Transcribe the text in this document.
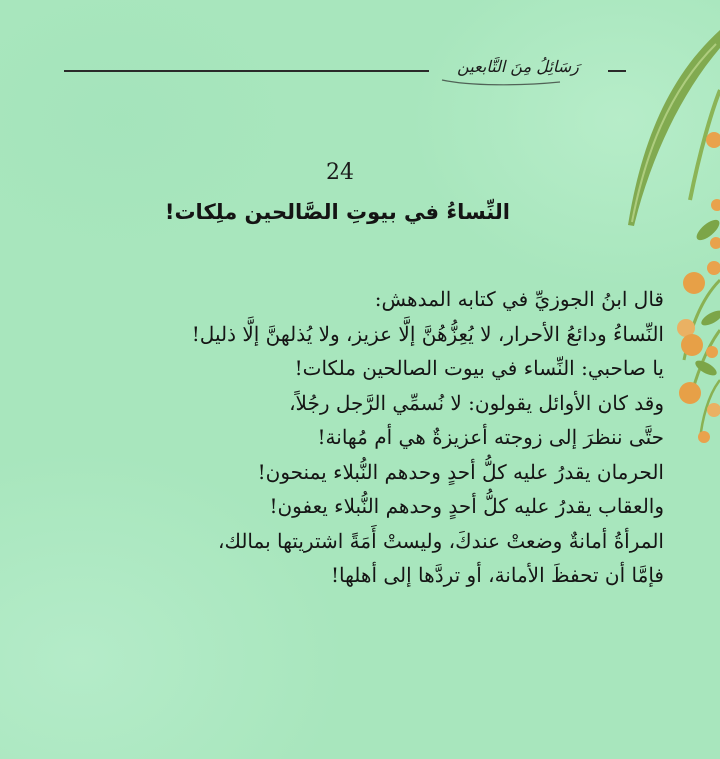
رَسَائِلُ مِنَ التَّابعين
24
النِّساءُ في بيوتِ الصَّالحين ملِكات!

قال ابنُ الجوزيِّ في كتابه المدهش:

النِّساءُ ودائعُ الأحرار، لا يُعِزُّهُنَّ إلَّا عزيز، ولا يُذلهنَّ إلَّا ذليل!

يا صاحبي: النِّساء في بيوت الصالحين ملكات!

وقد كان الأوائل يقولون: لا نُسمِّي الرَّجل رجُلاً،

حتَّى ننظرَ إلى زوجته أعزيزةٌ هي أم مُهانة!

الحرمان يقدرُ عليه كلُّ أحدٍ وحدهم النُّبلاء يمنحون!

والعقاب يقدرُ عليه كلُّ أحدٍ وحدهم النُّبلاء يعفون!

المرأةُ أمانةٌ وضعتْ عندكَ، وليستْ أَمَةً اشتريتها بمالك،

فإمَّا أن تحفظَ الأمانة، أو تردَّها إلى أهلها!
